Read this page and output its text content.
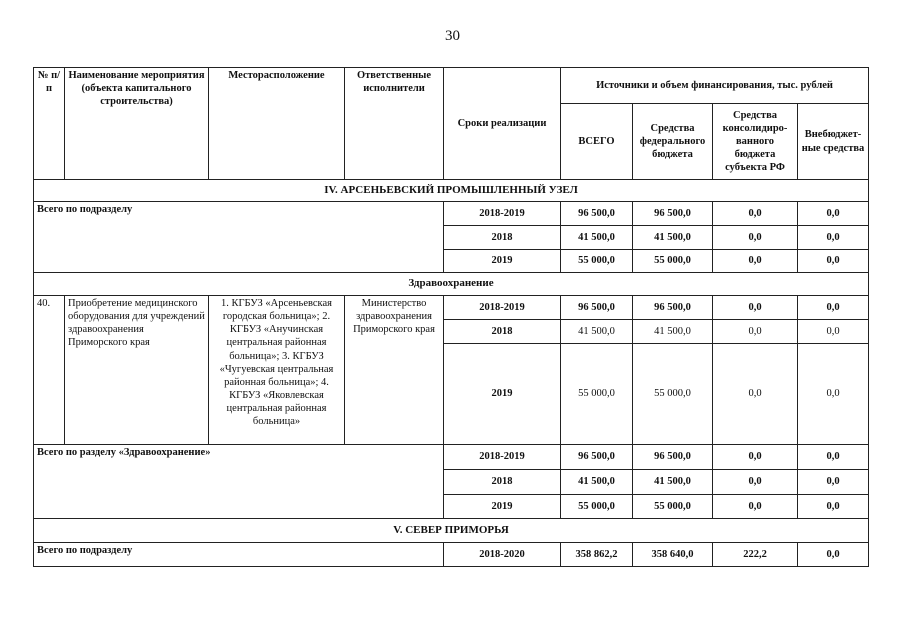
30
№ п/п	Наименование мероприятия (объекта капитального строительства)	Месторасположение	Ответственные исполнители	Сроки реализации	Источники и объем финансирования, тыс. рублей			
					ВСЕГО	Средства федерального бюджета	Средства консолидиро-ванного бюджета субъекта РФ	Внебюджет-ные средства
IV. АРСЕНЬЕВСКИЙ ПРОМЫШЛЕННЫЙ УЗЕЛ								
Всего по подразделу				2018-2019	96 500,0	96 500,0	0,0	0,0
				2018	41 500,0	41 500,0	0,0	0,0
				2019	55 000,0	55 000,0	0,0	0,0
Здравоохранение								
40.	Приобретение медицинского оборудования для учреждений здравоохранения Приморского края	1. КГБУЗ «Арсеньевская городская больница»; 2. КГБУЗ «Анучинская центральная районная больница»; 3. КГБУЗ «Чугуевская центральная районная больница»; 4. КГБУЗ «Яковлевская центральная районная больница»	Министерство здравоохранения Приморского края	2018-2019	96 500,0	96 500,0	0,0	0,0
				2018	41 500,0	41 500,0	0,0	0,0
				2019	55 000,0	55 000,0	0,0	0,0
Всего по разделу «Здравоохранение»				2018-2019	96 500,0	96 500,0	0,0	0,0
				2018	41 500,0	41 500,0	0,0	0,0
				2019	55 000,0	55 000,0	0,0	0,0
V. СЕВЕР ПРИМОРЬЯ								
Всего по подразделу				2018-2020	358 862,2	358 640,0	222,2	0,0
